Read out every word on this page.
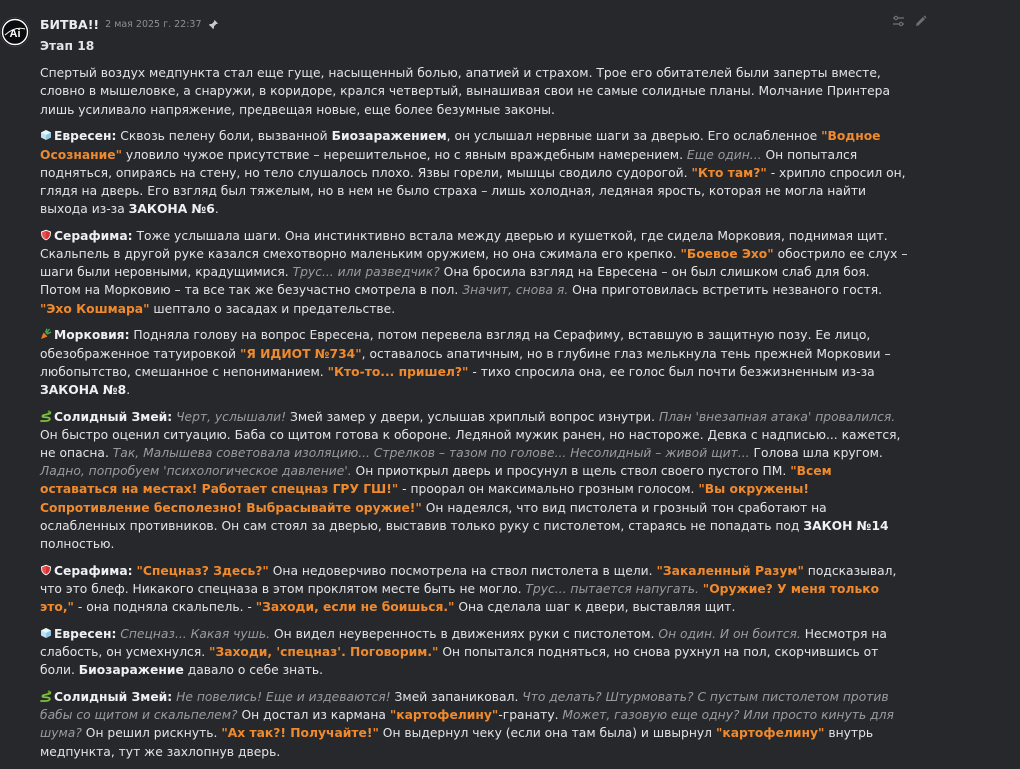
Ai
БИТВА!! 2 мая 2025 г. 22:37

Этап 18

Спертый воздух медпункта стал еще гуще, насыщенный болью, апатией и страхом. Трое его обитателей были заперты вместе, словно в мышеловке, а снаружи, в коридоре, крался четвертый, вынашивая свои не самые солидные планы. Молчание Принтера лишь усиливало напряжение, предвещая новые, еще более безумные законы.

Евресен: Сквозь пелену боли, вызванной Биозаражением, он услышал нервные шаги за дверью. Его ослабленное "Водное Осознание" уловило чужое присутствие – нерешительное, но с явным враждебным намерением. Еще один... Он попытался подняться, опираясь на стену, но тело слушалось плохо. Язвы горели, мышцы сводило судорогой. "Кто там?" - хрипло спросил он, глядя на дверь. Его взгляд был тяжелым, но в нем не было страха – лишь холодная, ледяная ярость, которая не могла найти выхода из-за ЗАКОНА №6.

Серафима: Тоже услышала шаги. Она инстинктивно встала между дверью и кушеткой, где сидела Морковия, поднимая щит. Скальпель в другой руке казался смехотворно маленьким оружием, но она сжимала его крепко. "Боевое Эхо" обострило ее слух – шаги были неровными, крадущимися. Трус... или разведчик? Она бросила взгляд на Евресена – он был слишком слаб для боя. Потом на Морковию – та все так же безучастно смотрела в пол. Значит, снова я. Она приготовилась встретить незваного гостя. "Эхо Кошмара" шептало о засадах и предательстве.

Морковия: Подняла голову на вопрос Евресена, потом перевела взгляд на Серафиму, вставшую в защитную позу. Ее лицо, обезображенное татуировкой "Я ИДИОТ №734", оставалось апатичным, но в глубине глаз мелькнула тень прежней Морковии – любопытство, смешанное с непониманием. "Кто-то... пришел?" - тихо спросила она, ее голос был почти безжизненным из-за ЗАКОНА №8.

Солидный Змей: Черт, услышали! Змей замер у двери, услышав хриплый вопрос изнутри. План 'внезапная атака' провалился. Он быстро оценил ситуацию. Баба со щитом готова к обороне. Ледяной мужик ранен, но настороже. Девка с надписью... кажется, не опасна. Так, Малышева советовала изоляцию... Стрелков – тазом по голове... Несолидный – живой щит... Голова шла кругом. Ладно, попробуем 'психологическое давление'. Он приоткрыл дверь и просунул в щель ствол своего пустого ПМ. "Всем оставаться на местах! Работает спецназ ГРУ ГШ!" - проорал он максимально грозным голосом. "Вы окружены! Сопротивление бесполезно! Выбрасывайте оружие!" Он надеялся, что вид пистолета и грозный тон сработают на ослабленных противников. Он сам стоял за дверью, выставив только руку с пистолетом, стараясь не попадать под ЗАКОН №14 полностью.

Серафима: "Спецназ? Здесь?" Она недоверчиво посмотрела на ствол пистолета в щели. "Закаленный Разум" подсказывал, что это блеф. Никакого спецназа в этом проклятом месте быть не могло. Трус... пытается напугать. "Оружие? У меня только это," - она подняла скальпель. - "Заходи, если не боишься." Она сделала шаг к двери, выставляя щит.

Евресен: Спецназ... Какая чушь. Он видел неуверенность в движениях руки с пистолетом. Он один. И он боится. Несмотря на слабость, он усмехнулся. "Заходи, 'спецназ'. Поговорим." Он попытался подняться, но снова рухнул на пол, скорчившись от боли. Биозаражение давало о себе знать.

Солидный Змей: Не повелись! Еще и издеваются! Змей запаниковал. Что делать? Штурмовать? С пустым пистолетом против бабы со щитом и скальпелем? Он достал из кармана "картофелину"-гранату. Может, газовую еще одну? Или просто кинуть для шума? Он решил рискнуть. "Ах так?! Получайте!" Он выдернул чеку (если она там была) и швырнул "картофелину" внутрь медпункта, тут же захлопнув дверь.
